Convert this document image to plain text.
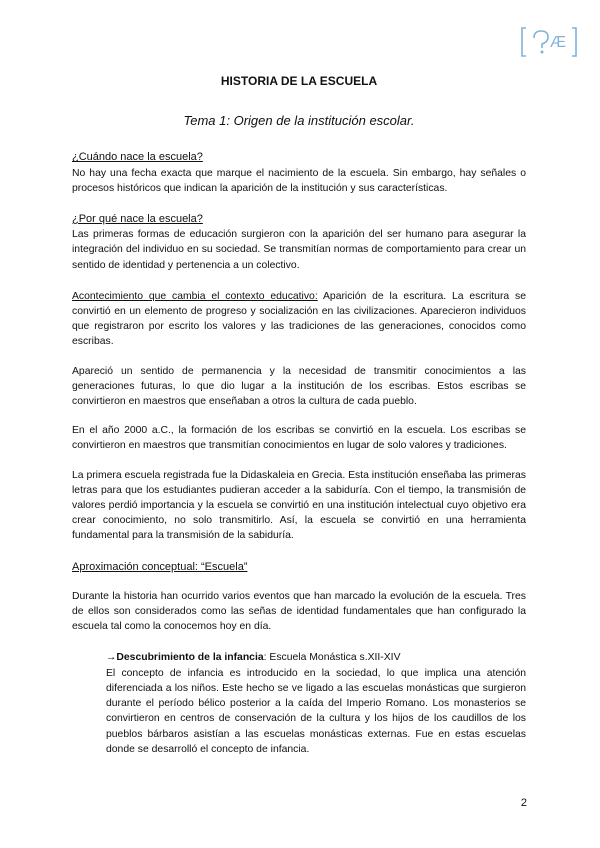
Æ
HISTORIA DE LA ESCUELA
Tema 1: Origen de la institución escolar.
¿Cuándo nace la escuela?

No hay una fecha exacta que marque el nacimiento de la escuela. Sin embargo, hay señales o procesos históricos que indican la aparición de la institución y sus características.

¿Por qué nace la escuela?

Las primeras formas de educación surgieron con la aparición del ser humano para asegurar la integración del individuo en su sociedad. Se transmitían normas de comportamiento para crear un sentido de identidad y pertenencia a un colectivo.

Acontecimiento que cambia el contexto educativo: Aparición de la escritura. La escritura se convirtió en un elemento de progreso y socialización en las civilizaciones. Aparecieron individuos que registraron por escrito los valores y las tradiciones de las generaciones, conocidos como escribas.

Apareció un sentido de permanencia y la necesidad de transmitir conocimientos a las generaciones futuras, lo que dio lugar a la institución de los escribas. Estos escribas se convirtieron en maestros que enseñaban a otros la cultura de cada pueblo.

En el año 2000 a.C., la formación de los escribas se convirtió en la escuela. Los escribas se convirtieron en maestros que transmitían conocimientos en lugar de solo valores y tradiciones.

La primera escuela registrada fue la Didaskaleia en Grecia. Esta institución enseñaba las primeras letras para que los estudiantes pudieran acceder a la sabiduría. Con el tiempo, la transmisión de valores perdió importancia y la escuela se convirtió en una institución intelectual cuyo objetivo era crear conocimiento, no solo transmitirlo. Así, la escuela se convirtió en una herramienta fundamental para la transmisión de la sabiduría.

Aproximación conceptual: “Escuela”

Durante la historia han ocurrido varios eventos que han marcado la evolución de la escuela. Tres de ellos son considerados como las señas de identidad fundamentales que han configurado la escuela tal como la conocemos hoy en día.

→Descubrimiento de la infancia: Escuela Monástica s.XII-XIV

El concepto de infancia es introducido en la sociedad, lo que implica una atención diferenciada a los niños. Este hecho se ve ligado a las escuelas monásticas que surgieron durante el período bélico posterior a la caída del Imperio Romano. Los monasterios se convirtieron en centros de conservación de la cultura y los hijos de los caudillos de los pueblos bárbaros asistían a las escuelas monásticas externas. Fue en estas escuelas donde se desarrolló el concepto de infancia.

2
